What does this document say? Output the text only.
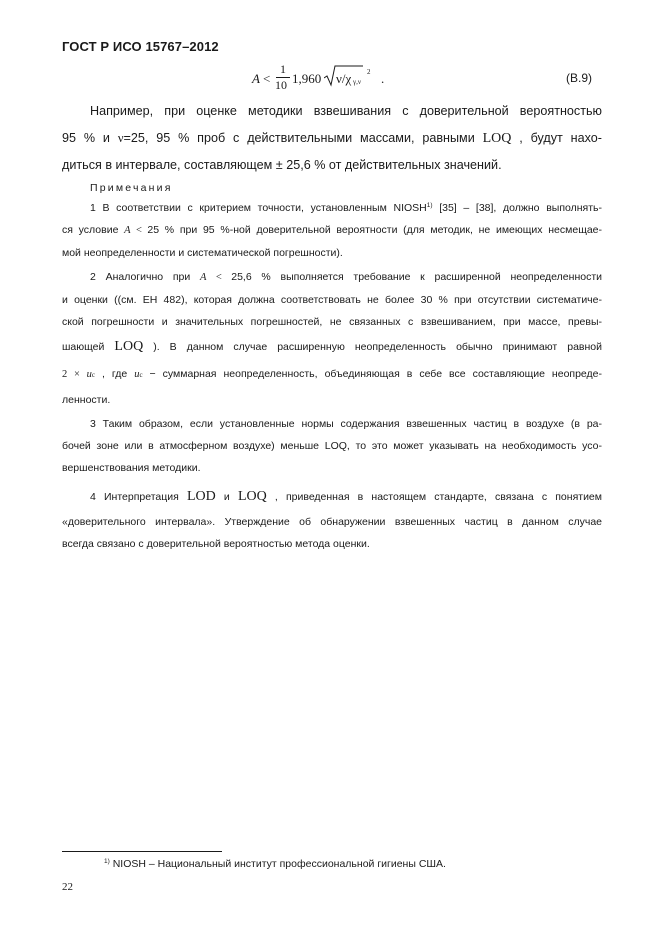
ГОСТ Р ИСО 15767–2012
A <
1
10 1,960 ν/χ γ,ν
2 .	(В.9)

Например, при оценке методики взвешивания с доверительной вероятностью

95 % и ν=25, 95 % проб с действительными массами, равными LOQ , будут нахо-

диться в интервале, составляющем ± 25,6 % от действительных значений.

Примечания

1 В соответствии с критерием точности, установленным NIOSH$^{1)}$ [35] – [38], должно выполнять-

ся условие A < 25 % при 95 %-ной доверительной вероятности (для методик, не имеющих несмещае-

мой неопределенности и систематической погрешности).

2 Аналогично при A < 25,6 % выполняется требование к расширенной неопределенности

и оценки ((см. ЕН 482), которая должна соответствовать не более 30 % при отсутствии систематиче-

ской погрешности и значительных погрешностей, не связанных с взвешиванием, при массе, превы-

шающей LOQ ). В данном случае расширенную неопределенность обычно принимают равной

2 × uc , где uc − суммарная неопределенность, объединяющая в себе все составляющие неопреде-

ленности.

3 Таким образом, если установленные нормы содержания взвешенных частиц в воздухе (в ра-

бочей зоне или в атмосферном воздухе) меньше LOQ, то это может указывать на необходимость усо-

вершенствования методики.

4 Интерпретация LOD и LOQ , приведенная в настоящем стандарте, связана с понятием

«доверительного интервала». Утверждение об обнаружении взвешенных частиц в данном случае

всегда связано с доверительной вероятностью метода оценки.

$^{1)}$ NIOSH – Национальный институт профессиональной гигиены США.
22
